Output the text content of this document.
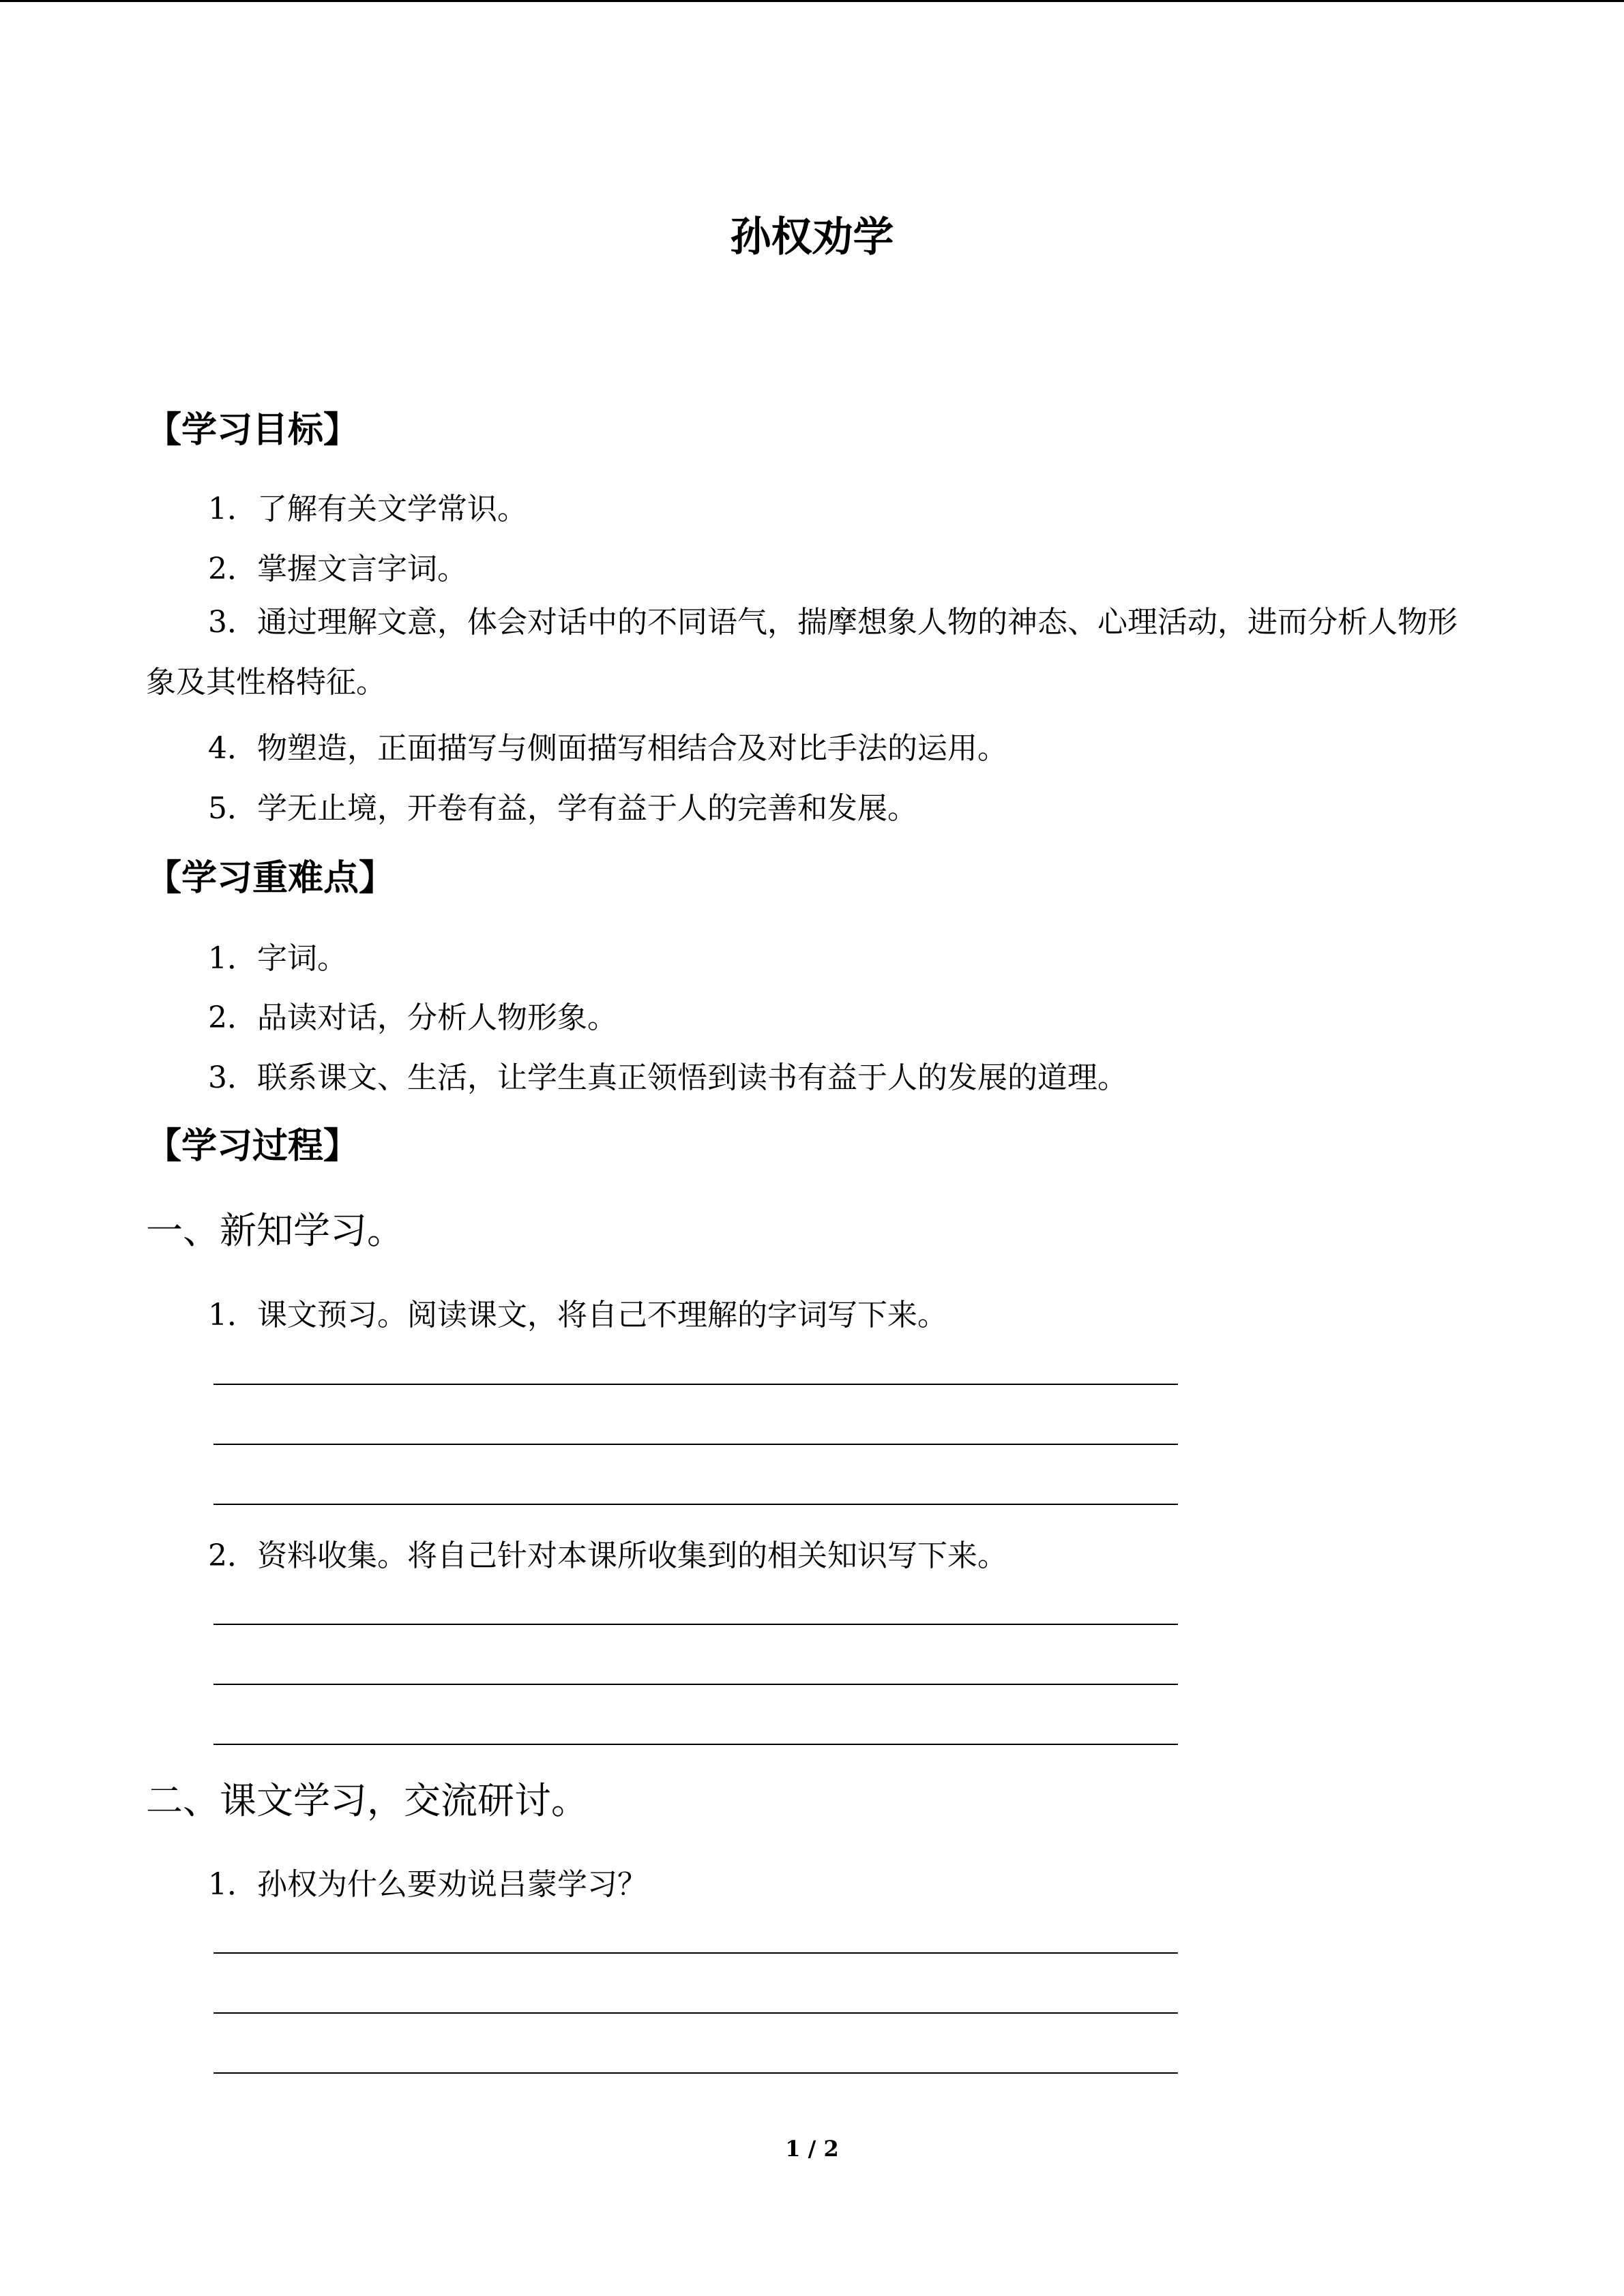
孙权劝学
【学习目标】
1．了解有关文学常识。
2．掌握文言字词。
3．通过理解文意，体会对话中的不同语气，揣摩想象人物的神态、心理活动，进而分析人物形象及其性格特征。
4．物塑造，正面描写与侧面描写相结合及对比手法的运用。
5．学无止境，开卷有益，学有益于人的完善和发展。
【学习重难点】
1．字词。
2．品读对话，分析人物形象。
3．联系课文、生活，让学生真正领悟到读书有益于人的发展的道理。
【学习过程】
一、新知学习。
1．课文预习。阅读课文，将自己不理解的字词写下来。
2．资料收集。将自己针对本课所收集到的相关知识写下来。
二、课文学习，交流研讨。
1．孙权为什么要劝说吕蒙学习？
1 / 2
